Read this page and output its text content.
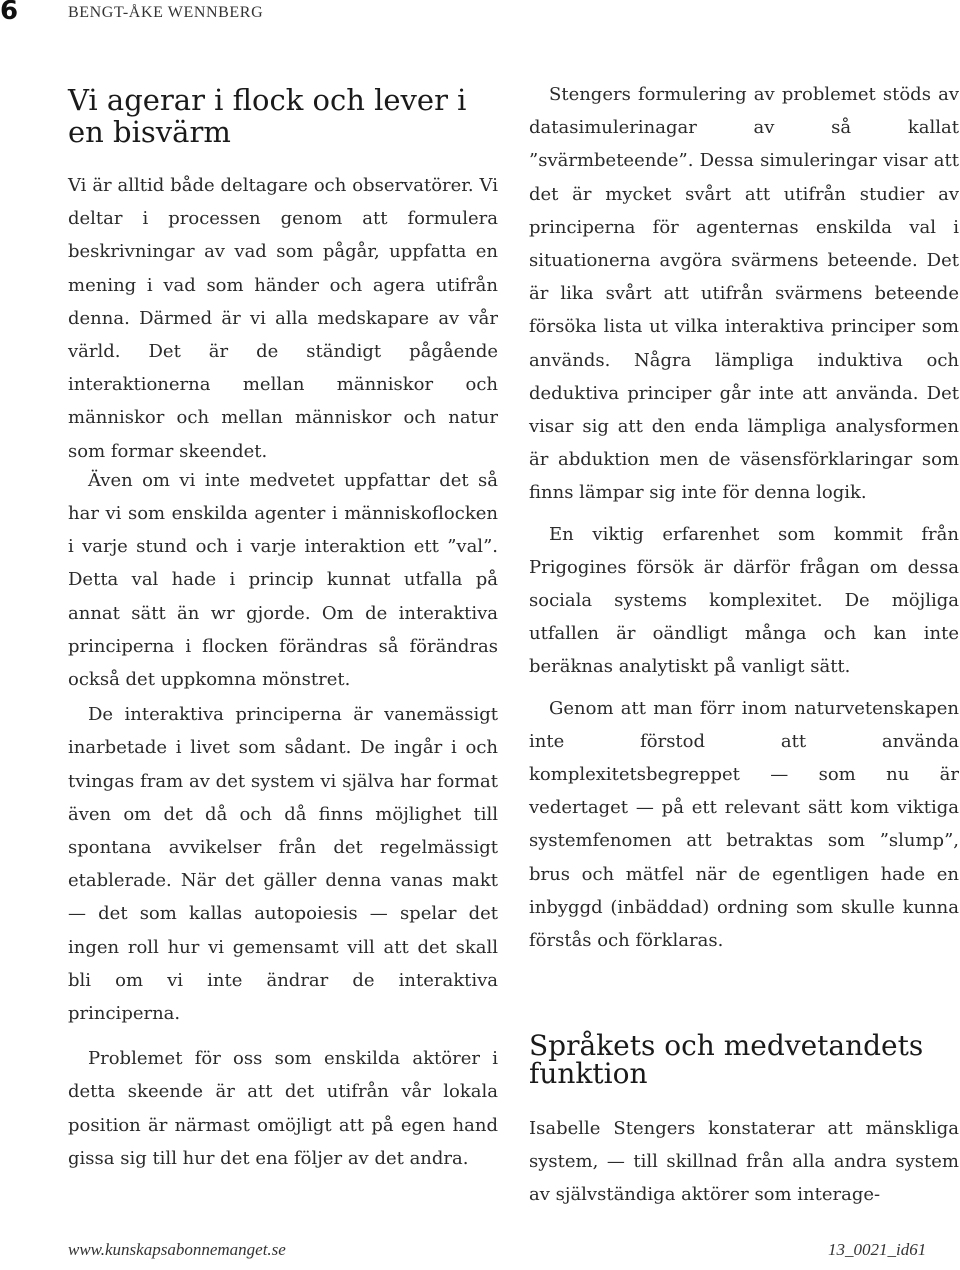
6	BENGT-ÅKE WENNBERG
Vi agerar i flock och lever i en bisvärm

Vi är alltid både deltagare och observatörer. Vi deltar i processen genom att formulera beskrivningar av vad som pågår, uppfatta en mening i vad som händer och agera utifrån denna. Därmed är vi alla medskapare av vår värld. Det är de ständigt pågående interaktionerna mellan människor och människor och mellan människor och natur som formar skeendet.

Även om vi inte medvetet uppfattar det så har vi som enskilda agenter i människoflocken i varje stund och i varje interaktion ett ”val”. Detta val hade i princip kunnat utfalla på annat sätt än wr gjorde. Om de interaktiva principerna i flocken förändras så förändras också det uppkomna mönstret.

De interaktiva principerna är vanemässigt inarbetade i livet som sådant. De ingår i och tvingas fram av det system vi själva har format även om det då och då finns möjlighet till spontana avvikelser från det regelmässigt etablerade. När det gäller denna vanas makt — det som kallas autopoiesis — spelar det ingen roll hur vi gemensamt vill att det skall bli om vi inte ändrar de interaktiva principerna.

Problemet för oss som enskilda aktörer i detta skeende är att det utifrån vår lokala position är närmast omöjligt att på egen hand gissa sig till hur det ena följer av det andra.

Stengers formulering av problemet stöds av datasimulerinagar av så kallat ”svärmbeteende”. Dessa simuleringar visar att det är mycket svårt att utifrån studier av principerna för agenternas enskilda val i situationerna avgöra svärmens beteende. Det är lika svårt att utifrån svärmens beteende försöka lista ut vilka interaktiva principer som används. Några lämpliga induktiva och deduktiva principer går inte att använda. Det visar sig att den enda lämpliga analysformen är abduktion men de väsensförklaringar som finns lämpar sig inte för denna logik.

En viktig erfarenhet som kommit från Prigogines försök är därför frågan om dessa sociala systems komplexitet. De möjliga utfallen är oändligt många och kan inte beräknas analytiskt på vanligt sätt.

Genom att man förr inom naturvetenskapen inte förstod att använda komplexitetsbegreppet — som nu är vedertaget — på ett relevant sätt kom viktiga systemfenomen att betraktas som ”slump”, brus och mätfel när de egentligen hade en inbyggd (inbäddad) ordning som skulle kunna förstås och förklaras.

Språkets och medvetandets funktion

Isabelle Stengers konstaterar att mänskliga system, — till skillnad från alla andra system av självständiga aktörer som interage-

www.kunskapsabonnemanget.se	13_0021_id61
